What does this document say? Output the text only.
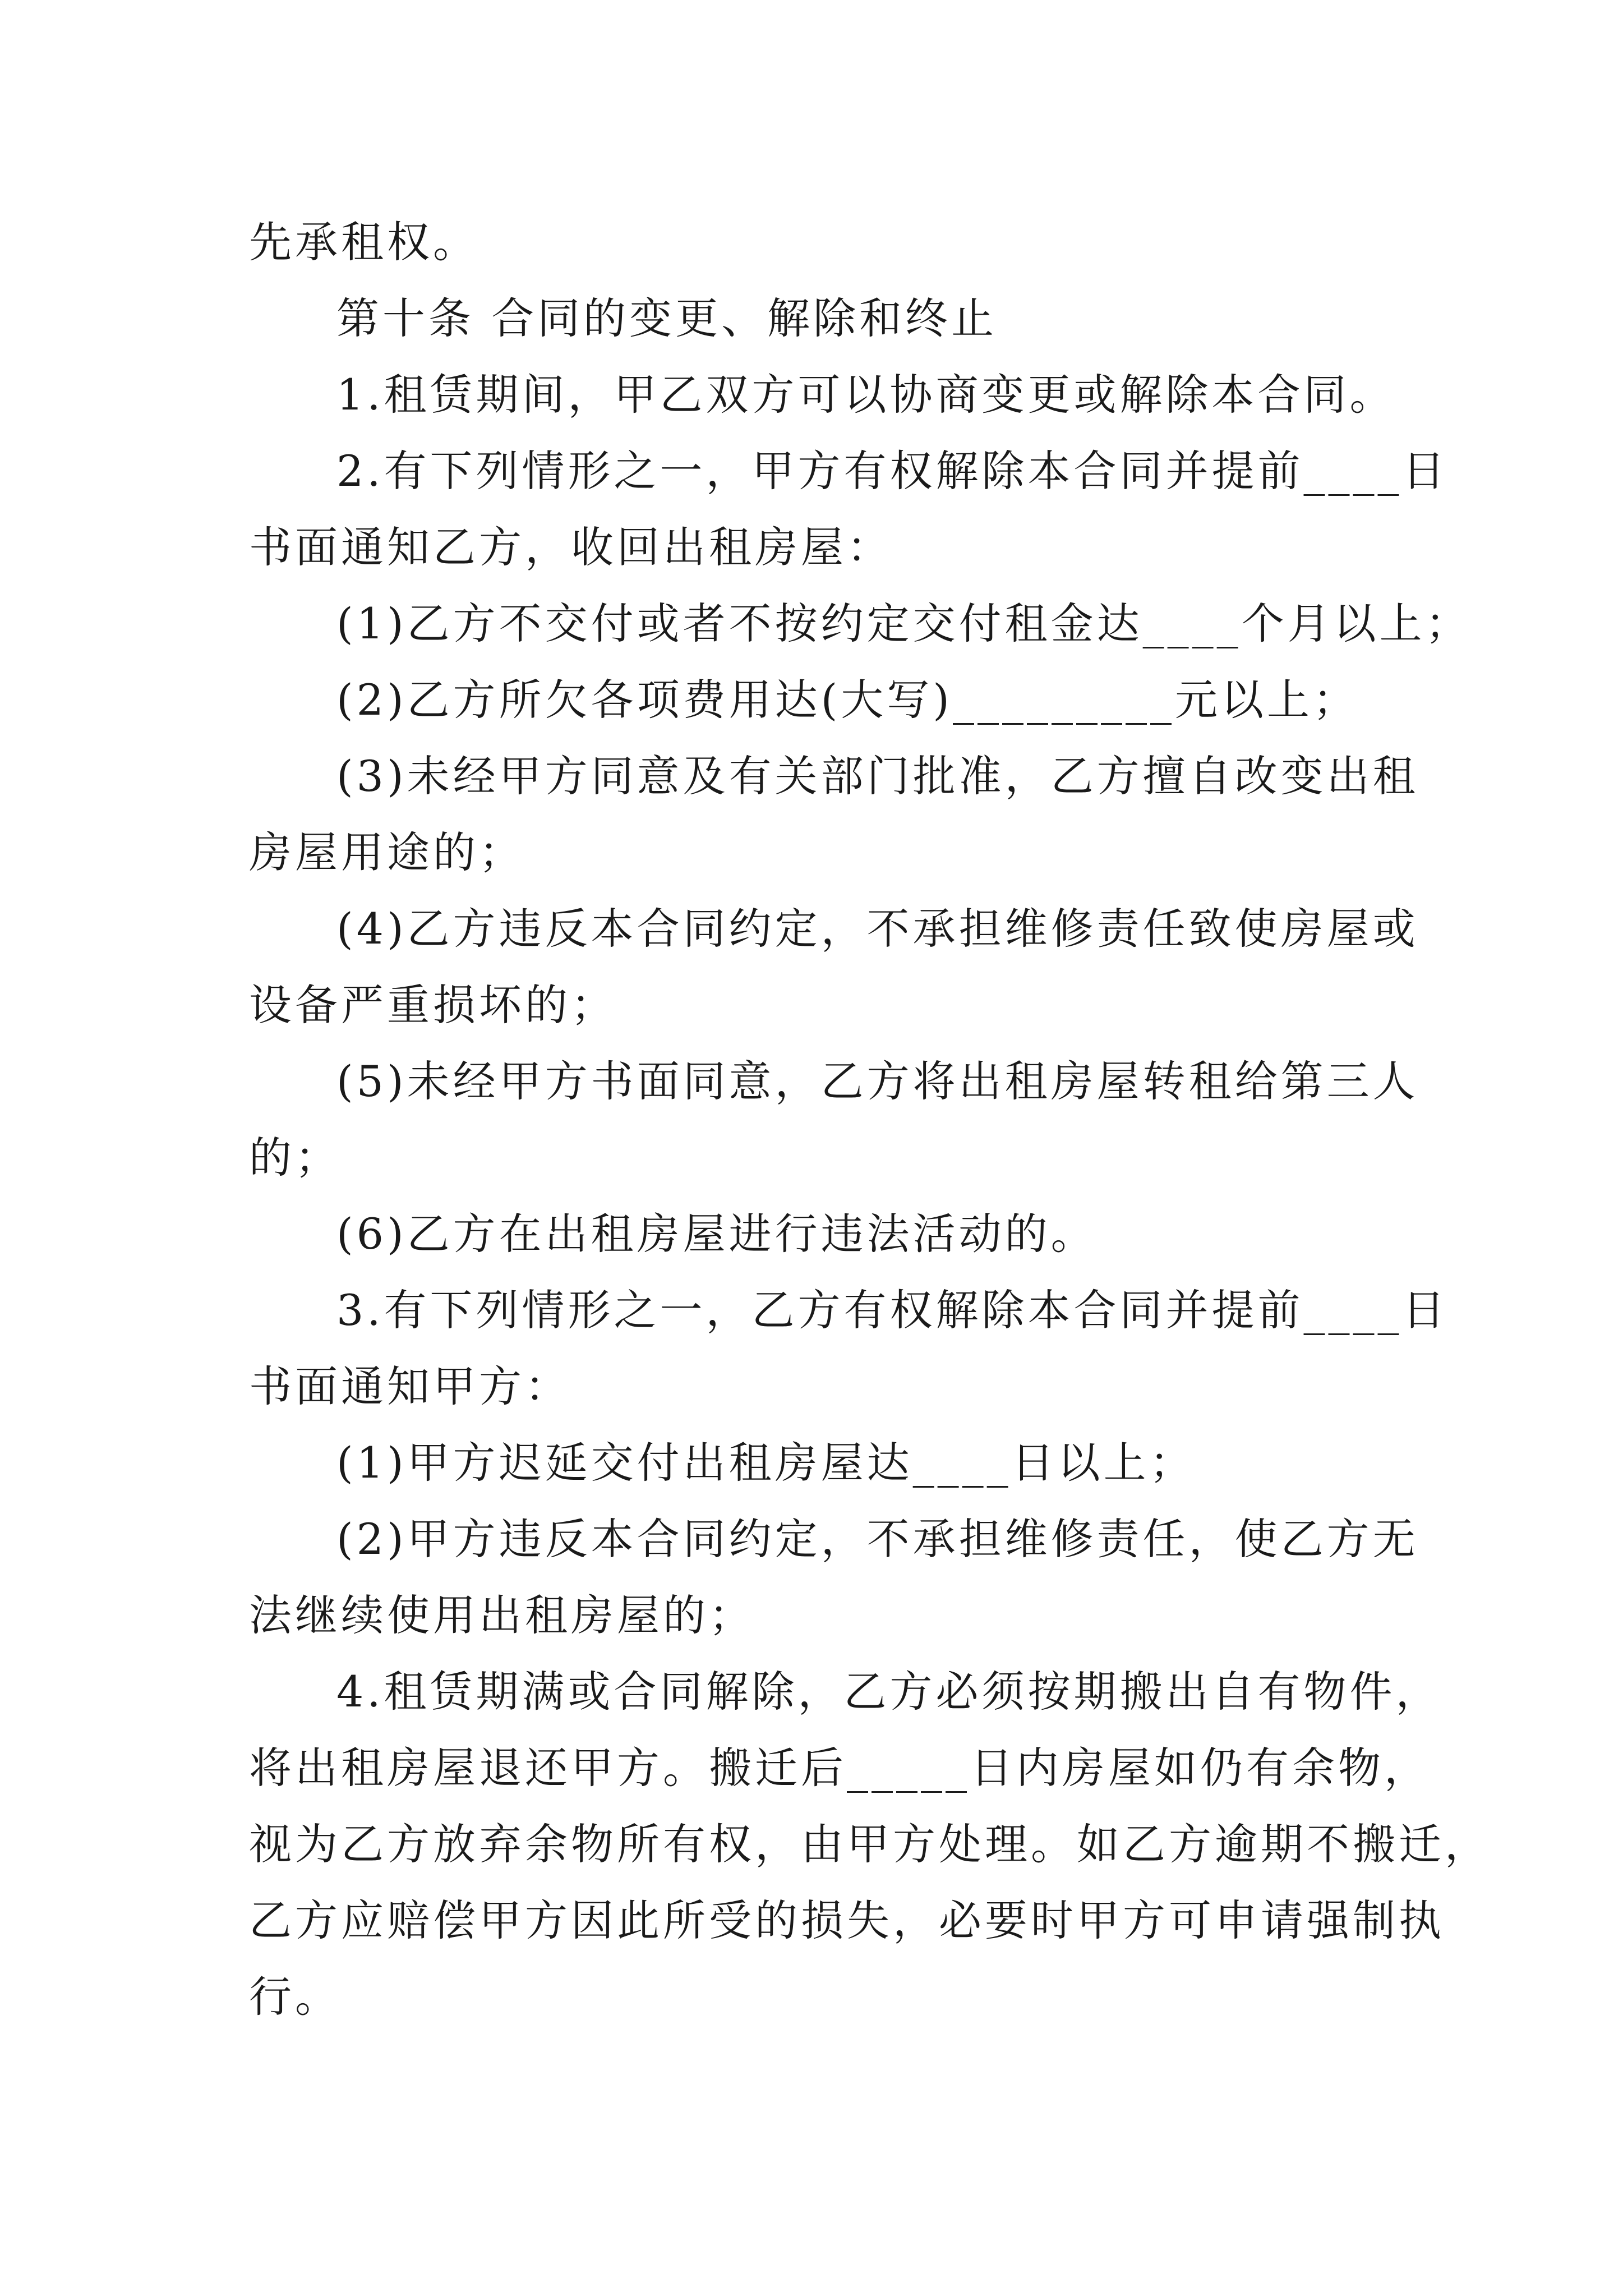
先承租权。
第十条 合同的变更、解除和终止
1.租赁期间，甲乙双方可以协商变更或解除本合同。
2.有下列情形之一，甲方有权解除本合同并提前____日
书面通知乙方，收回出租房屋：
(1)乙方不交付或者不按约定交付租金达____个月以上；
(2)乙方所欠各项费用达(大写)_________元以上；
(3)未经甲方同意及有关部门批准，乙方擅自改变出租
房屋用途的；
(4)乙方违反本合同约定，不承担维修责任致使房屋或
设备严重损坏的；
(5)未经甲方书面同意，乙方将出租房屋转租给第三人
的；
(6)乙方在出租房屋进行违法活动的。
3.有下列情形之一，乙方有权解除本合同并提前____日
书面通知甲方：
(1)甲方迟延交付出租房屋达____日以上；
(2)甲方违反本合同约定，不承担维修责任，使乙方无
法继续使用出租房屋的；
4.租赁期满或合同解除，乙方必须按期搬出自有物件，
将出租房屋退还甲方。搬迁后_____日内房屋如仍有余物，
视为乙方放弃余物所有权，由甲方处理。如乙方逾期不搬迁，
乙方应赔偿甲方因此所受的损失，必要时甲方可申请强制执
行。
